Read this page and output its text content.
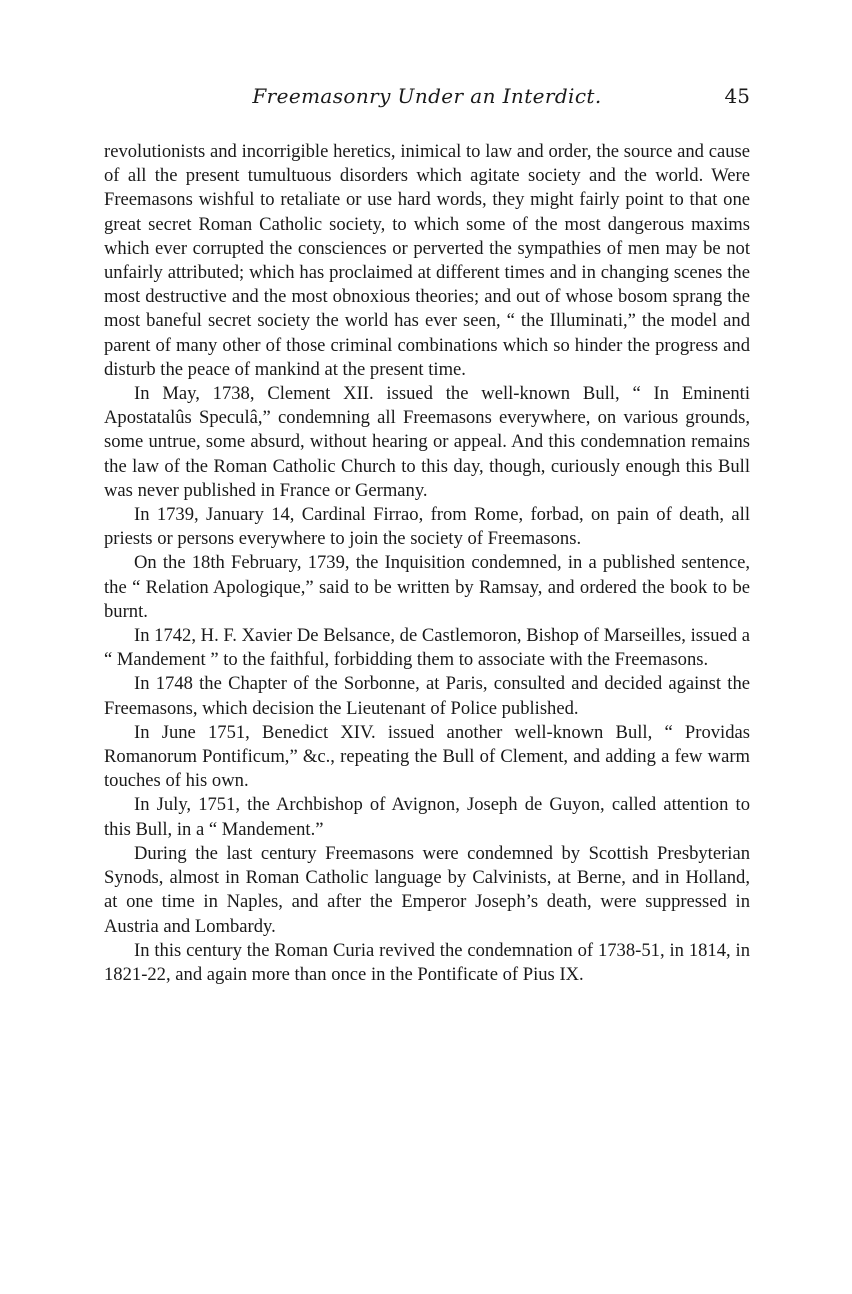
Freemasonry Under an Interdict.	45

revolutionists and incorrigible heretics, inimical to law and order, the source and cause of all the present tumultuous disorders which agitate society and the world. Were Freemasons wishful to retaliate or use hard words, they might fairly point to that one great secret Roman Catholic society, to which some of the most dangerous maxims which ever corrupted the consciences or perverted the sympathies of men may be not unfairly attributed; which has proclaimed at different times and in changing scenes the most destructive and the most obnoxious theories; and out of whose bosom sprang the most baneful secret society the world has ever seen, “ the Illuminati,” the model and parent of many other of those criminal combinations which so hinder the progress and disturb the peace of mankind at the present time.

In May, 1738, Clement XII. issued the well-known Bull, “ In Eminenti Apostatalûs Speculâ,” condemning all Freemasons everywhere, on various grounds, some untrue, some absurd, without hearing or appeal. And this condemnation remains the law of the Roman Catholic Church to this day, though, curiously enough this Bull was never published in France or Germany.

In 1739, January 14, Cardinal Firrao, from Rome, forbad, on pain of death, all priests or persons everywhere to join the society of Freemasons.

On the 18th February, 1739, the Inquisition condemned, in a published sentence, the “ Relation Apologique,” said to be written by Ramsay, and ordered the book to be burnt.

In 1742, H. F. Xavier De Belsance, de Castlemoron, Bishop of Marseilles, issued a “ Mandement ” to the faithful, forbidding them to associate with the Freemasons.

In 1748 the Chapter of the Sorbonne, at Paris, consulted and decided against the Freemasons, which decision the Lieutenant of Police published.

In June 1751, Benedict XIV. issued another well-known Bull, “ Providas Romanorum Pontificum,” &c., repeating the Bull of Clement, and adding a few warm touches of his own.

In July, 1751, the Archbishop of Avignon, Joseph de Guyon, called attention to this Bull, in a “ Mandement.”

During the last century Freemasons were condemned by Scottish Presbyterian Synods, almost in Roman Catholic language by Calvinists, at Berne, and in Holland, at one time in Naples, and after the Emperor Joseph’s death, were suppressed in Austria and Lombardy.

In this century the Roman Curia revived the condemnation of 1738-51, in 1814, in 1821-22, and again more than once in the Pontificate of Pius IX.
